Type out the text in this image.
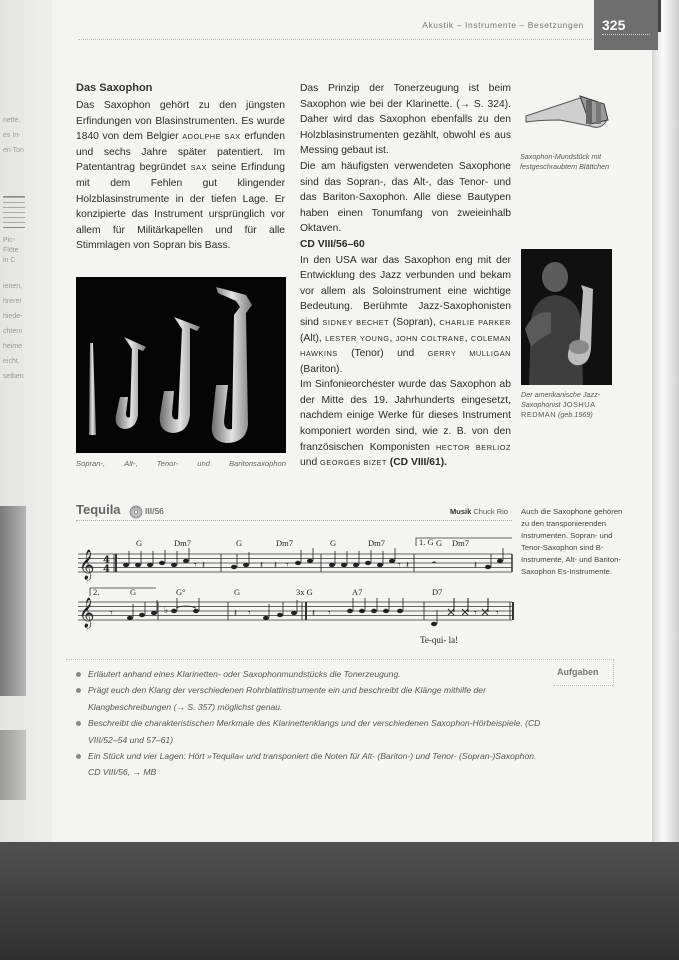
nette,
es In-
en Ton
Pic-
Flöte
in C
ienen,
hrerer
hiede-
chtern
heime
eicht,
selben
Akustik – Instrumente – Besetzungen 325
Das Saxophon

Das Saxophon gehört zu den jüngsten Erfindungen von Blasinstrumenten. Es wurde 1840 von dem Belgier ADOLPHE SAX erfunden und sechs Jahre später patentiert. Im Patentantrag begründet SAX seine Erfindung mit dem Fehlen gut klingender Holzblasinstrumente in der tiefen Lage. Er konzipierte das Instrument ursprünglich vor allem für Militärkapellen und für alle Stimmlagen von Sopran bis Bass.

Das Prinzip der Tonerzeugung ist beim Saxophon wie bei der Klarinette. (→ S. 324). Daher wird das Saxophon ebenfalls zu den Holzblasinstrumenten gezählt, obwohl es aus Messing gebaut ist.

Die am häufigsten verwendeten Saxophone sind das Sopran-, das Alt-, das Tenor- und das Bariton-Saxophon. Alle diese Bautypen haben einen Tonumfang von zweieinhalb Oktaven.
CD VIII/56–60

In den USA war das Saxophon eng mit der Entwicklung des Jazz verbunden und bekam vor allem als Soloinstrument eine wichtige Bedeutung. Berühmte Jazz-Saxophonisten sind SIDNEY BECHET (Sopran), CHARLIE PARKER (Alt), LESTER YOUNG, JOHN COLTRANE, COLEMAN HAWKINS (Tenor) und GERRY MULLIGAN (Bariton).

Im Sinfonieorchester wurde das Saxophon ab der Mitte des 19. Jahrhunderts eingesetzt, nachdem einige Werke für dieses Instrument komponiert worden sind, wie z. B. von den französischen Komponisten HECTOR BERLIOZ und GEORGES BIZET (CD VIII/61).

Sopran-,	Alt-,	Tenor-	und	Baritonsaxophon
Saxophon-Mundstück mit festgeschraubtem Blättchen
Der amerikanische Jazz-Saxophonist JOSHUA REDMAN (geb.1969)
Tequila	III/56	Musik Chuck Rio
𝄞
𝄞
4
4	𝄾 𝄽	𝄽 𝄽 𝄾	𝄾 𝄽 𝄼	𝄽
𝄾	𝄽 𝄾	𝄽 𝄾	𝄾 𝄾
♭
1. G
2.
G	Dm7	G	Dm7	G	Dm7	G Dm7
G	G°	G	3x G	A7	D7
Te-qui- la!
Auch die Saxophone gehören zu den transponierenden Instrumenten. Sopran- und Tenor-Saxophon sind B-Instrumente, Alt- und Bariton-Saxophon Es-Instrumente.
Erläutert anhand eines Klarinetten- oder Saxophonmundstücks die Tonerzeugung.
Prägt euch den Klang der verschiedenen Rohrblattinstrumente ein und beschreibt die Klänge mithilfe der Klangbeschreibungen (→ S. 357) möglichst genau.
Beschreibt die charakteristischen Merkmale des Klarinettenklangs und der verschiedenen Saxophon-Hörbeispiele. (CD VIII/52–54 und 57–61)
Ein Stück und vier Lagen: Hört »Tequila« und transponiert die Noten für Alt- (Bariton-) und Tenor- (Sopran-)Saxophon. CD VIII/56, → MB
Aufgaben
